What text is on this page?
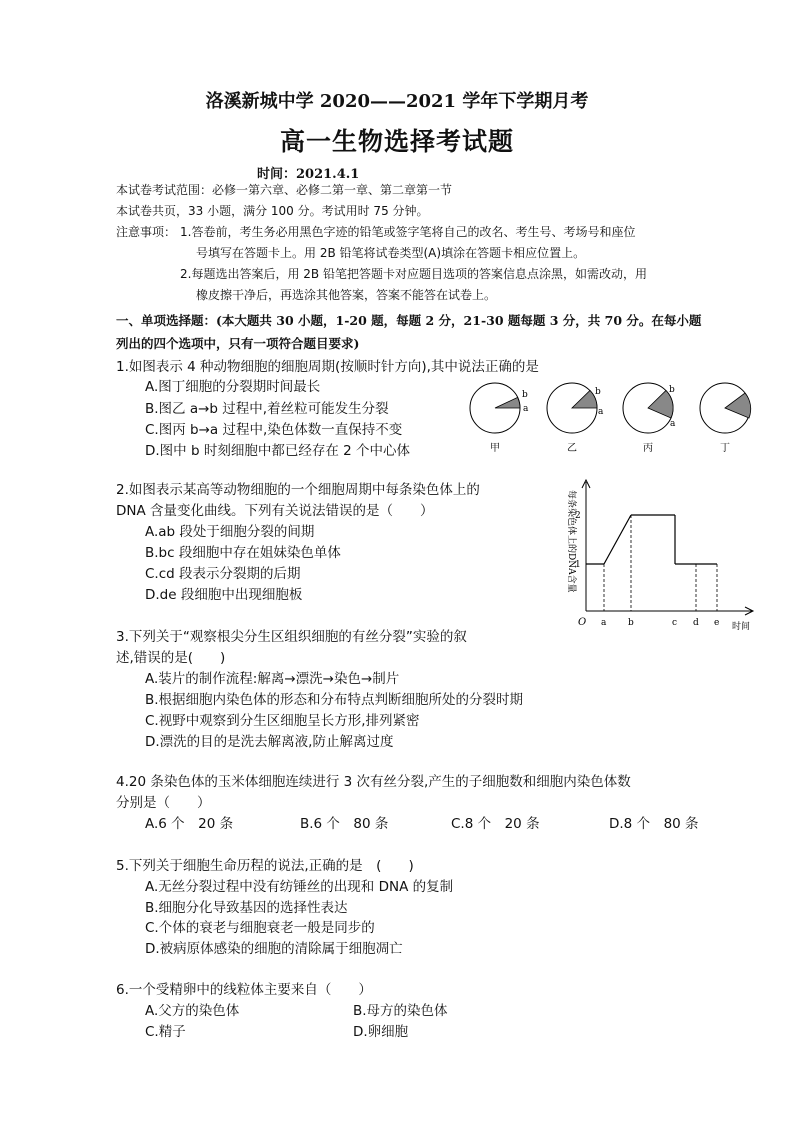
洛溪新城中学 2020——2021 学年下学期月考
高一生物选择考试题
时间：2021.4.1
本试卷考试范围：必修一第六章、必修二第一章、第二章第一节
本试卷共页，33 小题，满分 100 分。考试用时 75 分钟。
注意事项： 1.答卷前，考生务必用黑色字迹的铅笔或签字笔将自己的改名、考生号、考场号和座位
号填写在答题卡上。用 2B 铅笔将试卷类型(A)填涂在答题卡相应位置上。
2.每题选出答案后，用 2B 铅笔把答题卡对应题目选项的答案信息点涂黑，如需改动，用
橡皮擦干净后，再选涂其他答案，答案不能答在试卷上。
一、单项选择题：(本大题共 30 小题，1-20 题，每题 2 分，21-30 题每题 3 分，共 70 分。在每小题
列出的四个选项中，只有一项符合题目要求)
1.如图表示 4 种动物细胞的细胞周期(按顺时针方向),其中说法正确的是
A.图丁细胞的分裂期时间最长
B.图乙 a→b 过程中,着丝粒可能发生分裂
C.图丙 b→a 过程中,染色体数一直保持不变
D.图中 b 时刻细胞中都已经存在 2 个中心体
b
a
甲
b
a
乙
b
a
丙	丁
2.如图表示某高等动物细胞的一个细胞周期中每条染色体上的
DNA 含量变化曲线。下列有关说法错误的是（　　）
A.ab 段处于细胞分裂的间期
B.bc 段细胞中存在姐妹染色单体
C.cd 段表示分裂期的后期
D.de 段细胞中出现细胞板
每条染色体上的DNA含量 2
1
O a b	c d e 时间
3.下列关于“观察根尖分生区组织细胞的有丝分裂”实验的叙
述,错误的是(　　)
A.装片的制作流程:解离→漂洗→染色→制片
B.根据细胞内染色体的形态和分布特点判断细胞所处的分裂时期
C.视野中观察到分生区细胞呈长方形,排列紧密
D.漂洗的目的是洗去解离液,防止解离过度
4.20 条染色体的玉米体细胞连续进行 3 次有丝分裂,产生的子细胞数和细胞内染色体数
分别是（　　）
A.6 个　20 条	B.6 个　80 条	C.8 个　20 条	D.8 个　80 条
5.下列关于细胞生命历程的说法,正确的是　(　　)
A.无丝分裂过程中没有纺锤丝的出现和 DNA 的复制
B.细胞分化导致基因的选择性表达
C.个体的衰老与细胞衰老一般是同步的
D.被病原体感染的细胞的清除属于细胞凋亡
6.一个受精卵中的线粒体主要来自（　　）
A.父方的染色体	B.母方的染色体
C.精子	D.卵细胞
